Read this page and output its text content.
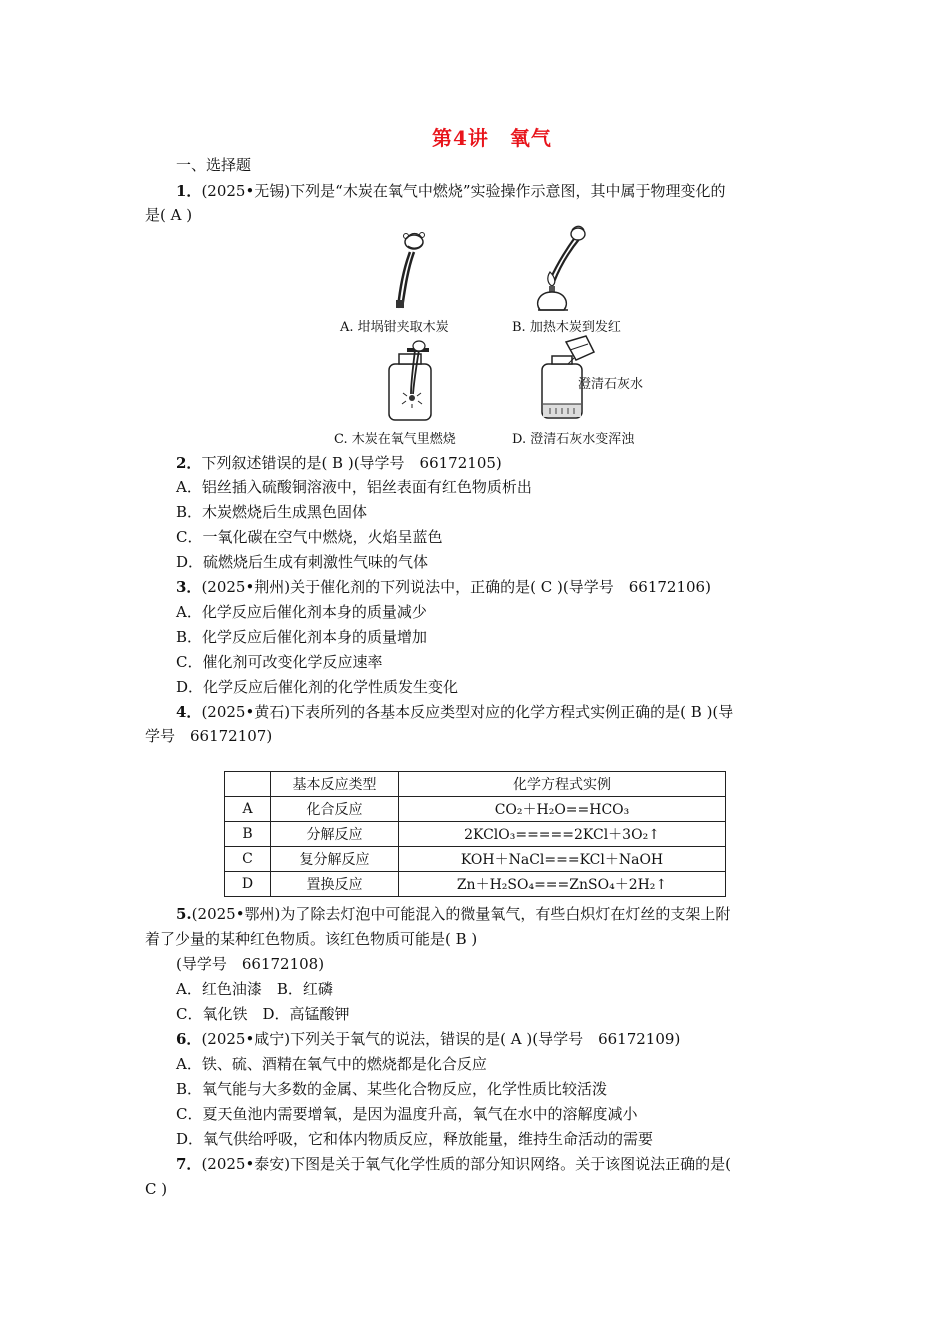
第4讲　氧气
一、选择题
1．(2025•无锡)下列是“木炭在氧气中燃烧”实验操作示意图，其中属于物理变化的
是( A )
A. 坩埚钳夹取木炭	B. 加热木炭到发红
C. 木炭在氧气里燃烧
澄清石灰水
D. 澄清石灰水变浑浊
2．下列叙述错误的是( B )(导学号　66172105)
A．铝丝插入硫酸铜溶液中，铝丝表面有红色物质析出
B．木炭燃烧后生成黑色固体
C．一氧化碳在空气中燃烧，火焰呈蓝色
D．硫燃烧后生成有刺激性气味的气体
3．(2025•荆州)关于催化剂的下列说法中，正确的是( C )(导学号　66172106)
A．化学反应后催化剂本身的质量减少
B．化学反应后催化剂本身的质量增加
C．催化剂可改变化学反应速率
D．化学反应后催化剂的化学性质发生变化
4．(2025•黄石)下表所列的各基本反应类型对应的化学方程式实例正确的是( B )(导
学号　66172107)
	基本反应类型	化学方程式实例
A	化合反应	CO₂＋H₂O==HCO₃
B	分解反应	2KClO₃=====2KCl＋3O₂↑
C	复分解反应	KOH＋NaCl===KCl＋NaOH
D	置换反应	Zn＋H₂SO₄===ZnSO₄＋2H₂↑
5.(2025•鄂州)为了除去灯泡中可能混入的微量氧气，有些白炽灯在灯丝的支架上附
着了少量的某种红色物质。该红色物质可能是( B )
(导学号　66172108)
A．红色油漆　B．红磷
C．氧化铁　D．高锰酸钾
6．(2025•咸宁)下列关于氧气的说法，错误的是( A )(导学号　66172109)
A．铁、硫、酒精在氧气中的燃烧都是化合反应
B．氧气能与大多数的金属、某些化合物反应，化学性质比较活泼
C．夏天鱼池内需要增氧，是因为温度升高，氧气在水中的溶解度减小
D．氧气供给呼吸，它和体内物质反应，释放能量，维持生命活动的需要
7．(2025•泰安)下图是关于氧气化学性质的部分知识网络。关于该图说法正确的是(
C )
